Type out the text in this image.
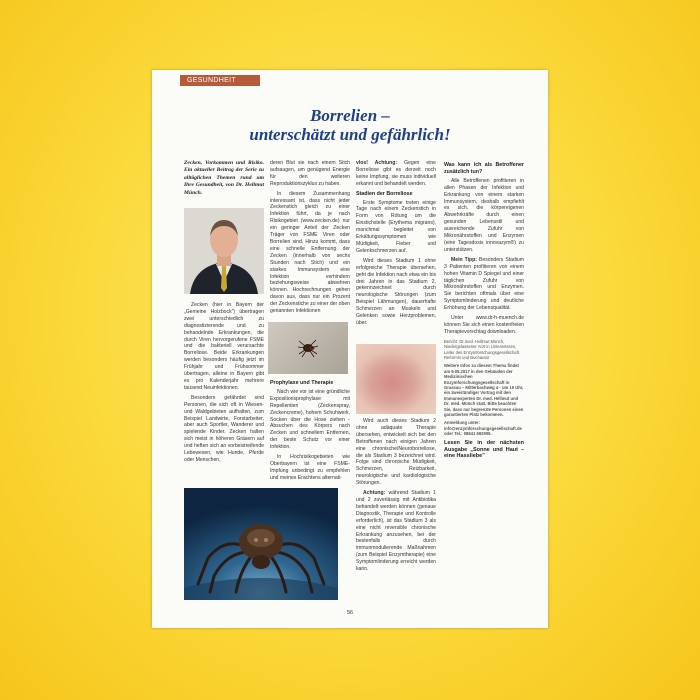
GESUNDHEIT
Borrelien –
unterschätzt und gefährlich!
Zecken, Vorkommen und Risiko. Ein aktueller Beitrag der Serie zu alltäglichen Themen rund um Ihre Gesundheit, von Dr. Hellmut Münch.

Zecken (hier in Bayern der „Gemeine Holzbock") übertragen zwei unterschiedlich zu diagnostizierende und zu behandelnde Erkrankungen, die durch Viren hervorgerufene FSME und die bakteriell verursachte Borreliose. Beide Erkrankungen werden besonders häufig jetzt im Frühjahr und Frühsommer übertragen, alleine in Bayern gibt es pro Kalenderjahr mehrere tausend Neuinfektionen.

Besonders gefährdet sind Personen, die sich oft in Wiesen- und Waldgebieten aufhalten, zum Beispiel Landwirte, Forstarbeiter, aber auch Sportler, Wanderer und spielende Kinder. Zecken halten sich meist in höheren Gräsern auf und heften sich an vorbeistreifende Lebewesen, wie Hunde, Pferde oder Menschen,

deren Blut sie nach einem Stich aufsaugen, um genügend Energie für den weiteren Reproduktionszyklus zu haben.

In diesem Zusammenhang interessant ist, dass nicht jeder Zeckenstich gleich zu einer Infektion führt, da je nach Risikogebiet (www.zecken.de) nur ein geringer Anteil der Zecken Träger von FSME Viren oder Borrelien sind. Hinzu kommt, dass eine schnelle Entfernung der Zecken (innerhalb von sechs Stunden nach Stich) und ein starkes Immunsystem eine Infektion verhindern beziehungsweise abwehren können. Hochrechnungen gehen davon aus, dass nur ein Prozent der Zeckenstiche zu einer der oben genannten Infektionen

Prophylaxe und Therapie

Nach wie vor ist eine gründliche Expositionsprophylaxe mit Repellentien (Zeckenspray, Zeckencreme), hohem Schuhwerk, Socken über die Hose ziehen - Absuchen des Körpers nach Zecken und schnellem Entfernen, der beste Schutz vor einer Infektion.

In Hochrisikogebieten wie Oberbayern ist eine FSME-Impfung unbedingt zu empfehlen und meines Erachtens alternati-

vlos! Achtung: Gegen eine Borreliose gibt es derzeit noch keine Impfung, sie muss individuell erkannt und behandelt werden.

Stadien der Borreliose

Erste Symptome treten einige Tage nach einem Zeckenstich in Form von Rötung um die Einstichstelle (Erythema migrans), manchmal begleitet von Erkältungssymptomen wie Müdigkeit, Fieber und Gelenkschmerzen auf.

Wird dieses Stadium 1 ohne erfolgreiche Therapie übersehen, geht die Infektion nach etwa ein bis drei Jahren in das Stadium 2, gekennzeichnet durch neurologische Störungen (zum Beispiel Lähmungen), dauerhafte Schmerzen an Muskeln und Gelenken sowie Herzproblemen, über.

Wird auch dieses Stadium 2 ohne adäquate Therapie übersehen, entwickelt sich bei den Betroffenen nach einigen Jahren eine chronische/Neuroborreliose, die als Stadium 3 bezeichnet wird. Folge sind chronische Müdigkeit, Schmerzen, Reizbarkeit, neurologische und kardiologische Störungen.

Achtung: während Stadium 1 und 2 zuverlässig mit Antibiotika behandelt werden können (genaue Diagnostik, Therapie und Kontrolle erforderlich), ist das Stadium 3 als eine nicht reversible chronische Erkrankung anzusehen, bei der bestenfalls durch immunmodulierende Maßnahmen (zum Beispiel Enzymtherapie) eine Symptomlinderung erreicht werden kann.

Was kann ich als Betroffener zusätzlich tun?

Alle Betroffenen profitieren in allen Phasen der Infektion und Erkrankung von einem starken Immunsystem, deshalb empfiehlt es sich, die körpereigenen Abwehrkräfte durch einen gesunden Lebensstil und ausreichende Zufuhr von Mikronährstoffen und Enzymen (eine Tagesdosis innovazym®) zu unterstützen.

Mein Tipp: Besonders Stadium 3 Patienten profitieren von einem hohen Vitamin D Spiegel und einer täglichen Zufuhr von Mikronährstoffen und Enzymen. Sie berichten oftmals über eine Symptomlinderung und deutliche Erhöhung der Lebensqualität.

Unter www.dr-h-muench.de können Sie sich einen kostenfreien Therapievorschlag downloaden.

Bericht: Dr.med. Hellmut Münch, Niedergelassener Arzt in Unterwössen, Leiter des Enzymforschungsgesellschaft Reformin und Buchautor

Weitere Infos zu diesem Thema findet am 9.05.2017 in den Gebäuden der Medizinischen Enzymforschungsgesellschaft in Grassau – Mitterbachweg 4 - um 19 Uhr, ein zweistündiger Vortrag mit den Immunexperten Dr. med. Hellmut und Dr. med. Münch statt. Bitte beachten Sie, dass nur begrenzte Personen einen garantierten Platz bekommen.

Anmeldung unter: info@enzymforschungsgesellschaft.de oder Tel.: 08641 692905.

Lesen Sie in der nächsten Ausgabe „Sonne und Haut – eine Hassliebe"

56
